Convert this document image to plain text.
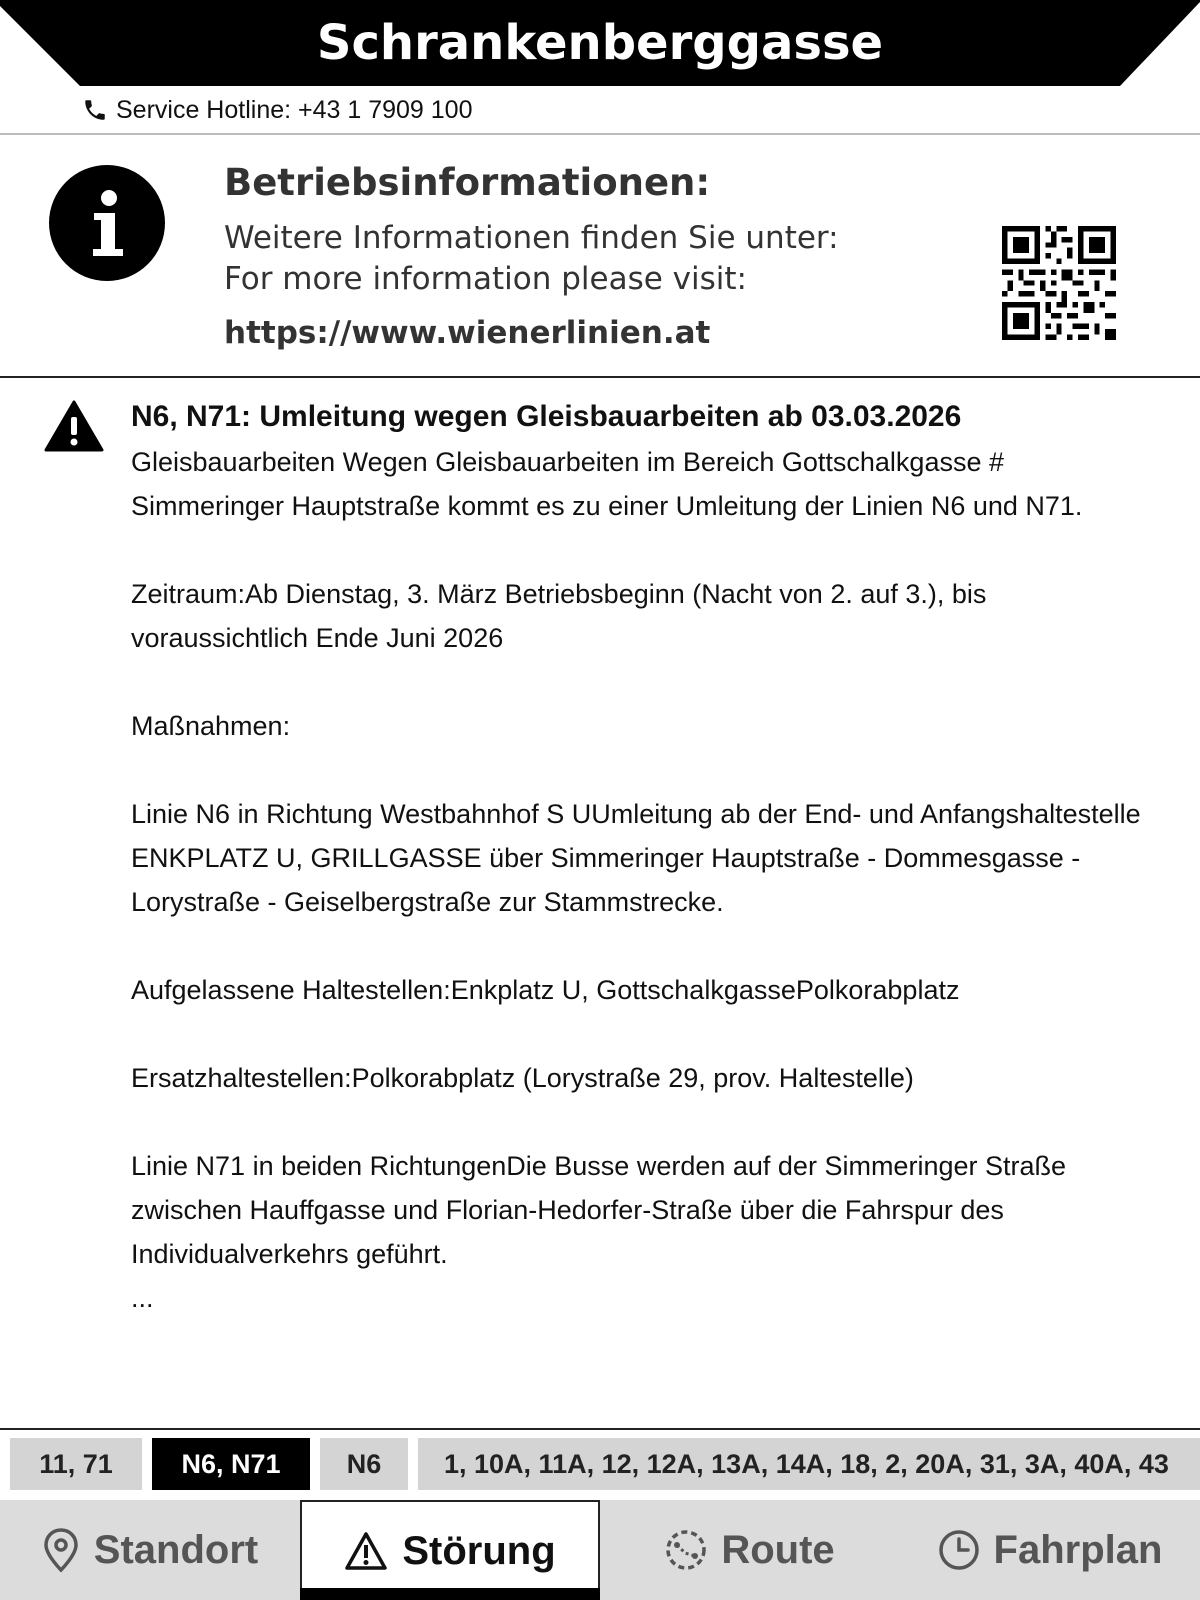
Schrankenberggasse
Service Hotline: +43 1 7909 100
Betriebsinformationen:
Weitere Informationen finden Sie unter:
For more information please visit:
https://www.wienerlinien.at
N6, N71: Umleitung wegen Gleisbauarbeiten ab 03.03.2026

Gleisbauarbeiten Wegen Gleisbauarbeiten im Bereich Gottschalkgasse # Simmeringer Hauptstraße kommt es zu einer Umleitung der Linien N6 und N71.

Zeitraum:Ab Dienstag, 3. März Betriebsbeginn (Nacht von 2. auf 3.), bis voraussichtlich Ende Juni 2026

Maßnahmen:

Linie N6 in Richtung Westbahnhof S UUmleitung ab der End- und Anfangshaltestelle ENKPLATZ U, GRILLGASSE über Simmeringer Hauptstraße - Dommesgasse - Lorystraße - Geiselbergstraße zur Stammstrecke.

Aufgelassene Haltestellen:Enkplatz U, GottschalkgassePolkorabplatz

Ersatzhaltestellen:Polkorabplatz (Lorystraße 29, prov. Haltestelle)

Linie N71 in beiden RichtungenDie Busse werden auf der Simmeringer Straße zwischen Hauffgasse und Florian-Hedorfer-Straße über die Fahrspur des Individualverkehrs geführt.

...

11, 71	N6, N71	N6	1, 10A, 11A, 12, 12A, 13A, 14A, 18, 2, 20A, 31, 3A, 40A, 43
Standort	Störung	Route	Fahrplan
